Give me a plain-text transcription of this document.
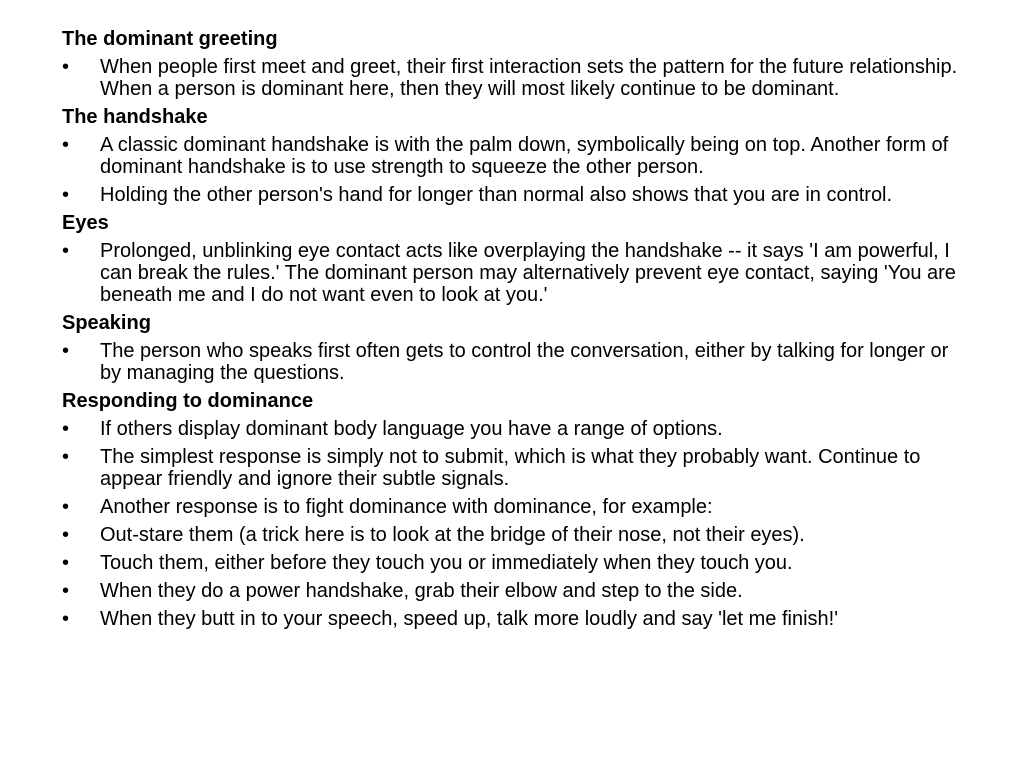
The dominant greeting
• When people first meet and greet, their first interaction sets the pattern for the future relationship. When a person is dominant here, then they will most likely continue to be dominant.
The handshake
• A classic dominant handshake is with the palm down, symbolically being on top. Another form of dominant handshake is to use strength to squeeze the other person.
• Holding the other person's hand for longer than normal also shows that you are in control.
Eyes
• Prolonged, unblinking eye contact acts like overplaying the handshake -- it says 'I am powerful, I can break the rules.' The dominant person may alternatively prevent eye contact, saying 'You are beneath me and I do not want even to look at you.'
Speaking
• The person who speaks first often gets to control the conversation, either by talking for longer or by managing the questions.
Responding to dominance
• If others display dominant body language you have a range of options.
• The simplest response is simply not to submit, which is what they probably want. Continue to appear friendly and ignore their subtle signals.
• Another response is to fight dominance with dominance, for example:
• Out-stare them (a trick here is to look at the bridge of their nose, not their eyes).
• Touch them, either before they touch you or immediately when they touch you.
• When they do a power handshake, grab their elbow and step to the side.
• When they butt in to your speech, speed up, talk more loudly and say 'let me finish!'
